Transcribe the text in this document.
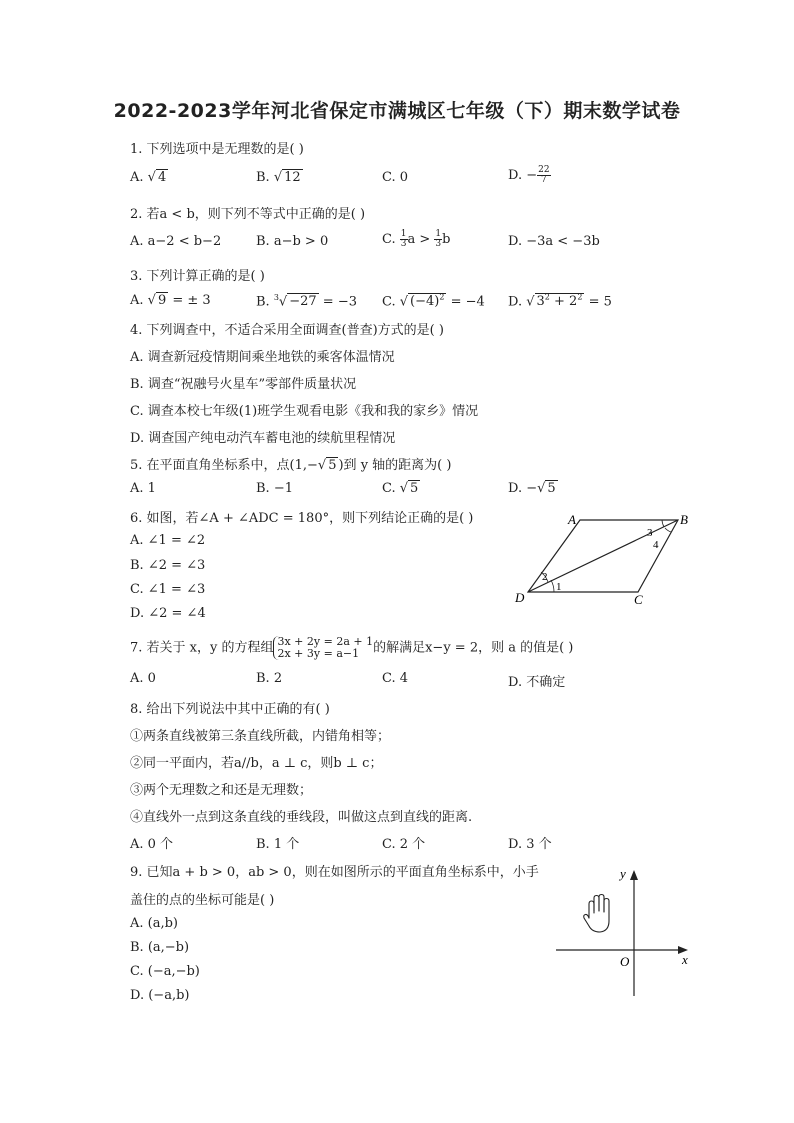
2022-2023学年河北省保定市满城区七年级（下）期末数学试卷
1. 下列选项中是无理数的是( )
A. √ 4	B. √ 12	C. 0	D. − $\frac{22}{7}$
2. 若a < b，则下列不等式中正确的是( )
A. a−2 < b−2	B. a−b > 0	C. $\frac{1}{3}$ $a > \frac{1}{3}$ b	D. −3a < −3b
3. 下列计算正确的是( )
A. √ 9 = ± 3	B. $^3$√ −27 = −3 C. √ $(-4)^2 = -4$ D. √ $3^2 + 2^2 = 5$
4. 下列调查中，不适合采用全面调查(普查)方式的是( )
A. 调查新冠疫情期间乘坐地铁的乘客体温情况
B. 调查“祝融号火星车”零部件质量状况
C. 调查本校七年级(1)班学生观看电影《我和我的家乡》情况
D. 调查国产纯电动汽车蓄电池的续航里程情况
5. 在平面直角坐标系中，点(1,−√ 5 )到 y 轴的距离为( )
A. 1	B. −1	C. √ 5	D. −√ 5
6. 如图，若∠A + ∠ADC = 180°，则下列结论正确的是( )
A. ∠1 = ∠2
B. ∠2 = ∠3
C. ∠1 = ∠3
D. ∠2 = ∠4
A	B
C
D
1
2
3
4
7. 若关于 x，y 的方程组 3x + 2y = 2a + 1
2x + 3y = a−1	的解满足x−y = 2，则 a 的值是( )
A. 0	B. 2	C. 4	D. 不确定
8. 给出下列说法中其中正确的有( )
①两条直线被第三条直线所截，内错角相等；
②同一平面内，若a//b，a ⊥ c，则b ⊥ c；
③两个无理数之和还是无理数；
④直线外一点到这条直线的垂线段，叫做这点到直线的距离.
A. 0 个	B. 1 个	C. 2 个	D. 3 个
9. 已知a + b > 0，ab > 0，则在如图所示的平面直角坐标系中，小手
盖住的点的坐标可能是( )
A. (a,b)
B. (a,−b)
C. (−a,−b)
D. (−a,b)
x
y
O
